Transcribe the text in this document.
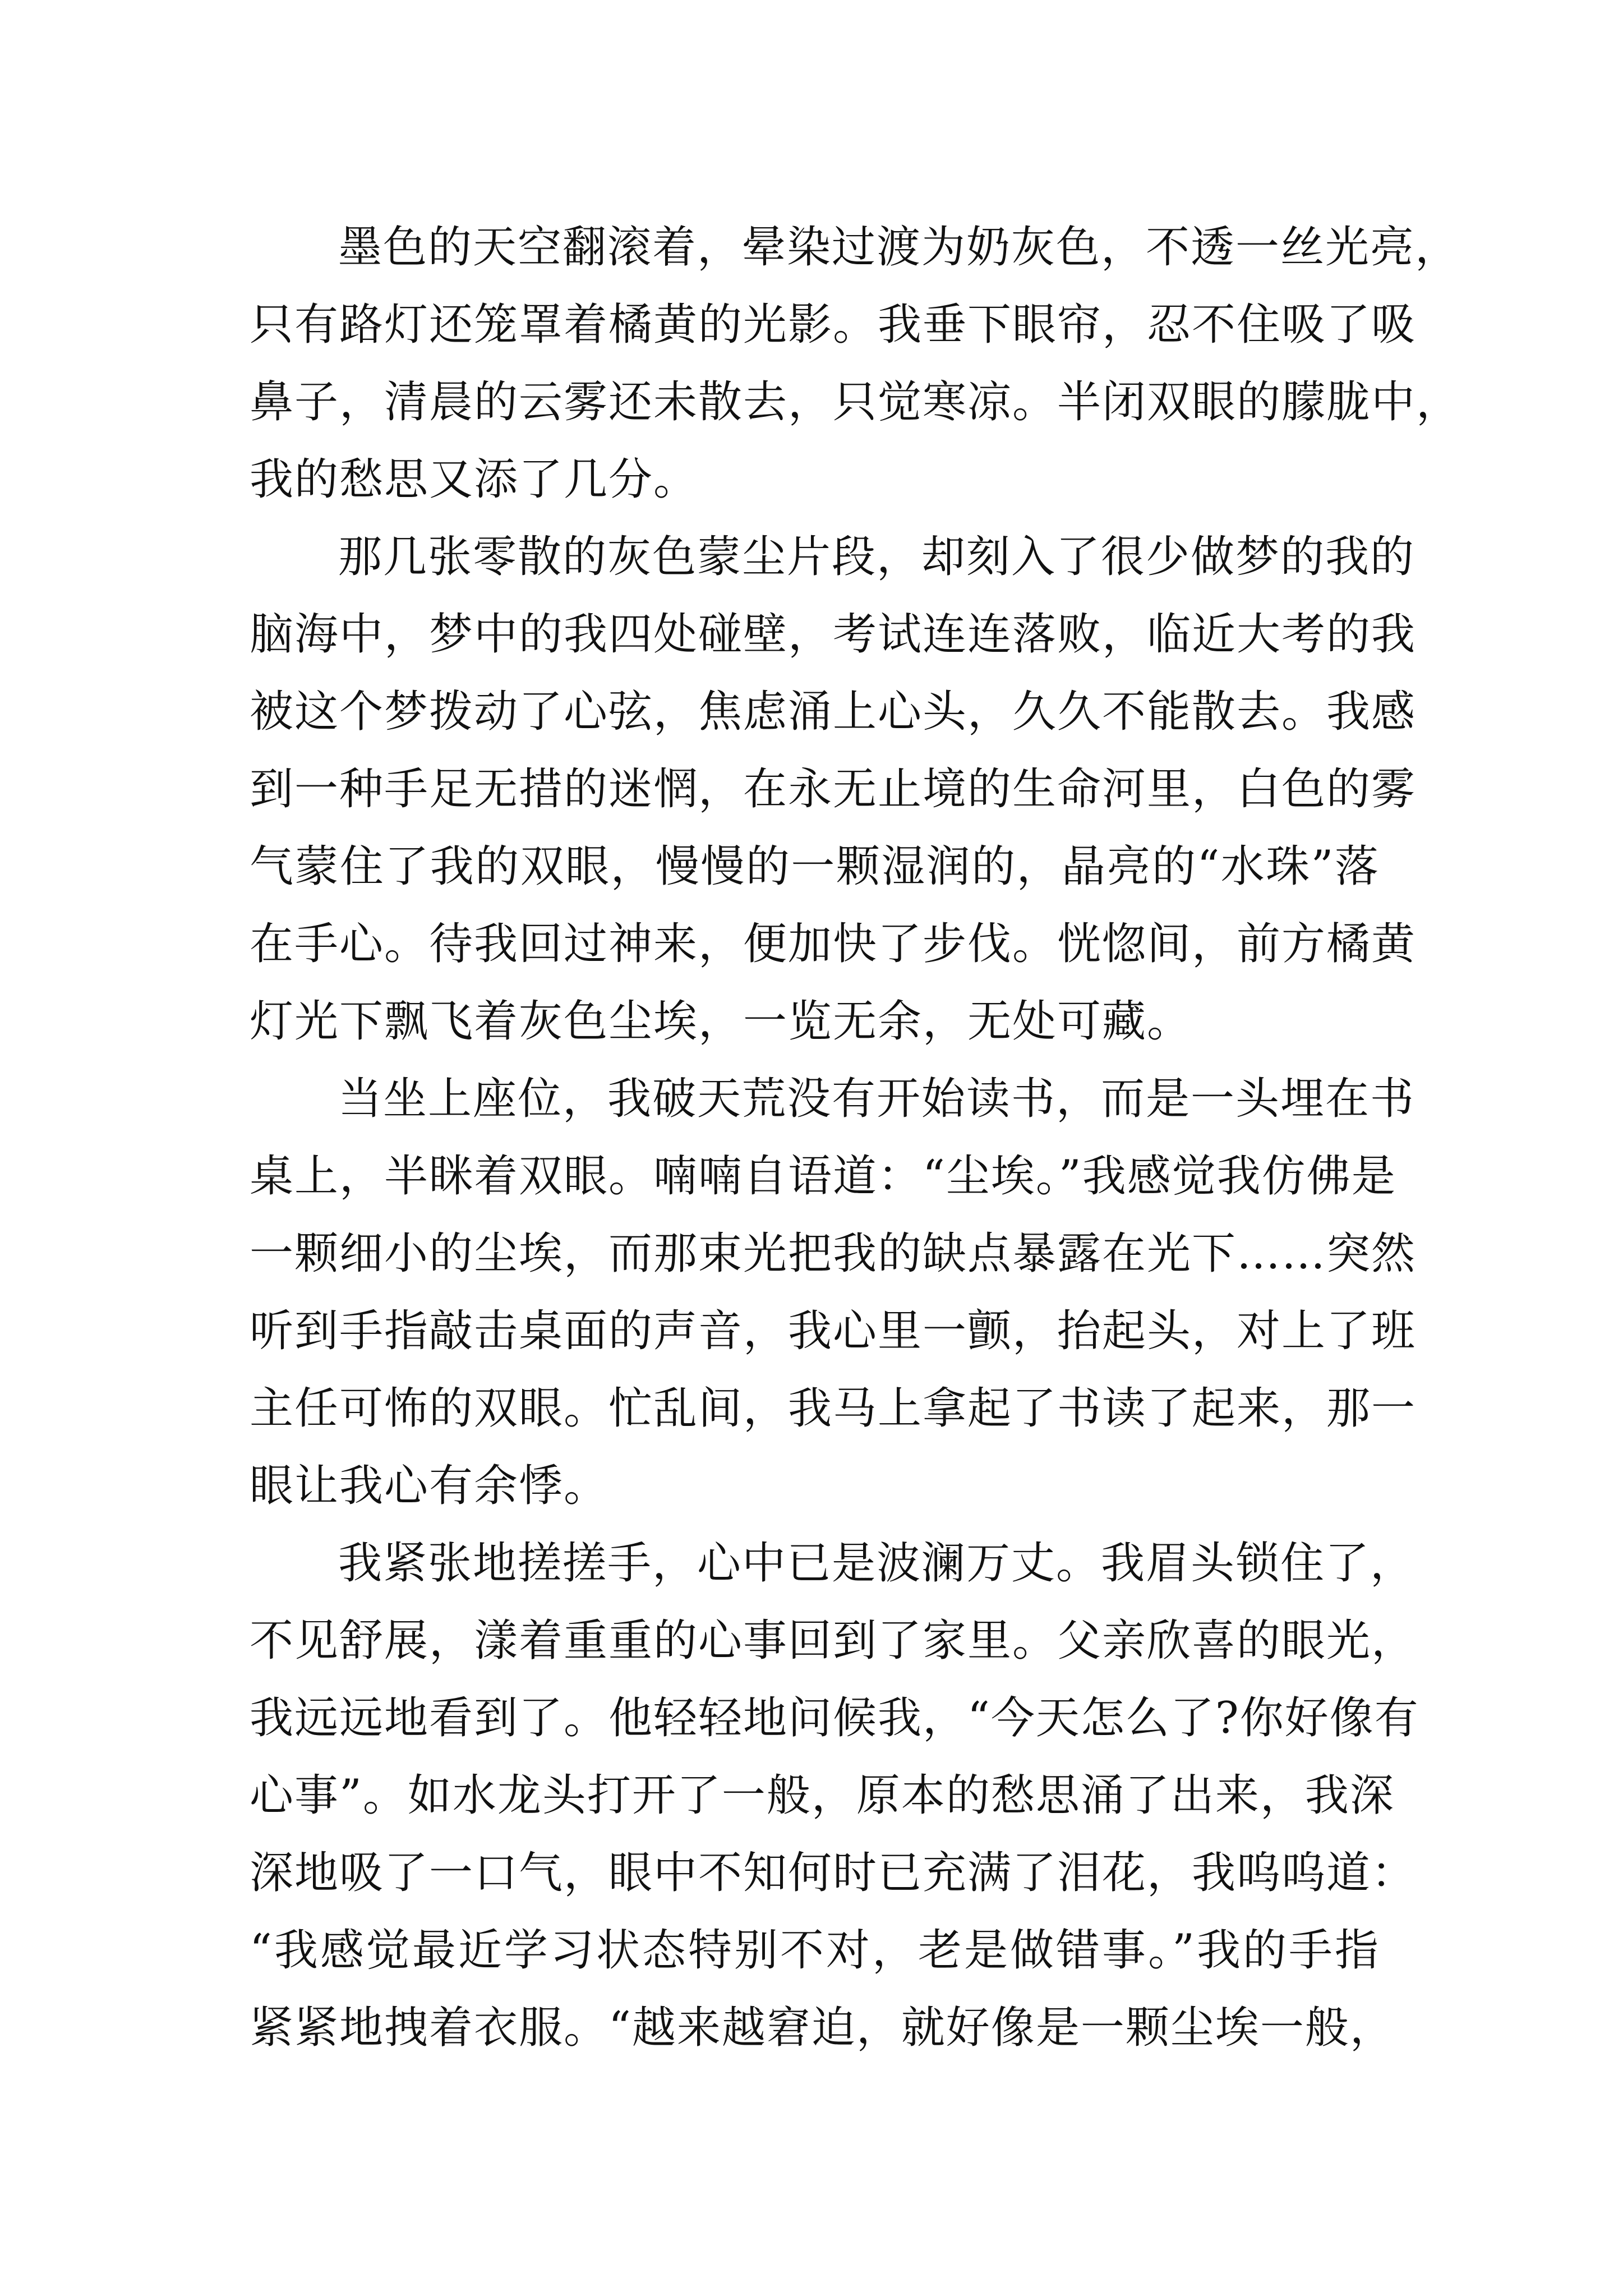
墨色的天空翻滚着，晕染过渡为奶灰色，不透一丝光亮，
只有路灯还笼罩着橘黄的光影。我垂下眼帘，忍不住吸了吸
鼻子，清晨的云雾还未散去，只觉寒凉。半闭双眼的朦胧中，
我的愁思又添了几分。
那几张零散的灰色蒙尘片段，却刻入了很少做梦的我的
脑海中，梦中的我四处碰壁，考试连连落败，临近大考的我
被这个梦拨动了心弦，焦虑涌上心头，久久不能散去。我感
到一种手足无措的迷惘，在永无止境的生命河里，白色的雾
气蒙住了我的双眼，慢慢的一颗湿润的，晶亮的“水珠”落
在手心。待我回过神来，便加快了步伐。恍惚间，前方橘黄
灯光下飘飞着灰色尘埃，一览无余，无处可藏。
当坐上座位，我破天荒没有开始读书，而是一头埋在书
桌上，半眯着双眼。喃喃自语道：“尘埃。”我感觉我仿佛是
一颗细小的尘埃，而那束光把我的缺点暴露在光下……突然
听到手指敲击桌面的声音，我心里一颤，抬起头，对上了班
主任可怖的双眼。忙乱间，我马上拿起了书读了起来，那一
眼让我心有余悸。
我紧张地搓搓手，心中已是波澜万丈。我眉头锁住了，
不见舒展，漾着重重的心事回到了家里。父亲欣喜的眼光，
我远远地看到了。他轻轻地问候我，“今天怎么了?你好像有
心事”。如水龙头打开了一般，原本的愁思涌了出来，我深
深地吸了一口气，眼中不知何时已充满了泪花，我呜呜道：
“我感觉最近学习状态特别不对，老是做错事。”我的手指
紧紧地拽着衣服。“越来越窘迫，就好像是一颗尘埃一般，
